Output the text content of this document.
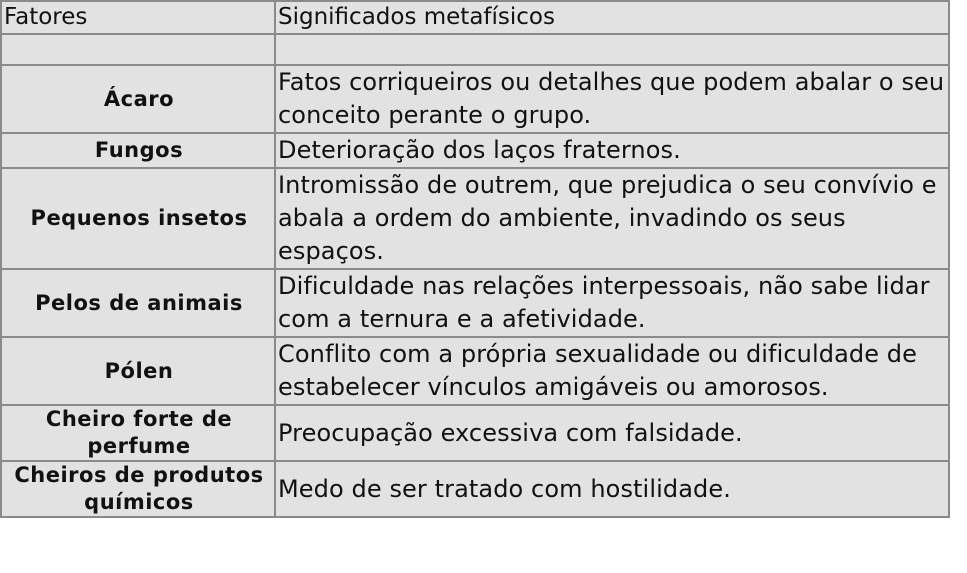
Fatores	Significados metafísicos

Ácaro	Fatos corriqueiros ou detalhes que podem abalar o seu conceito perante o grupo.
Fungos	Deterioração dos laços fraternos.
Pequenos insetos	Intromissão de outrem, que prejudica o seu convívio e abala a ordem do ambiente, invadindo os seus espaços.
Pelos de animais	Dificuldade nas relações interpessoais, não sabe lidar com a ternura e a afetividade.
Pólen	Conflito com a própria sexualidade ou dificuldade de estabelecer vínculos amigáveis ou amorosos.
Cheiro forte de perfume	Preocupação excessiva com falsidade.
Cheiros de produtos químicos	Medo de ser tratado com hostilidade.
